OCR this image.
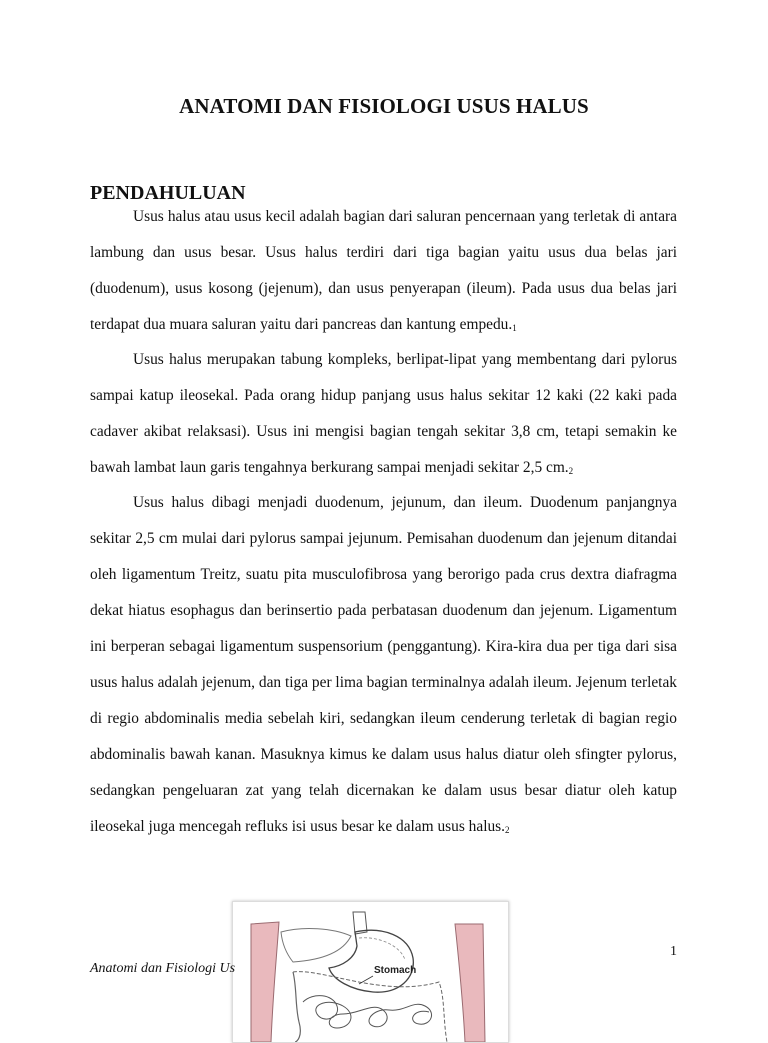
ANATOMI DAN FISIOLOGI USUS HALUS
PENDAHULUAN

Usus halus atau usus kecil adalah bagian dari saluran pencernaan yang terletak di antara lambung dan usus besar. Usus halus terdiri dari tiga bagian yaitu usus dua belas jari (duodenum), usus kosong (jejenum), dan usus penyerapan (ileum). Pada usus dua belas jari terdapat dua muara saluran yaitu dari pancreas dan kantung $empedu._1$

Usus halus merupakan tabung kompleks, berlipat-lipat yang membentang dari pylorus sampai katup ileosekal. Pada orang hidup panjang usus halus sekitar 12 kaki (22 kaki pada cadaver akibat relaksasi). Usus ini mengisi bagian tengah sekitar 3,8 cm, tetapi semakin ke bawah lambat laun garis tengahnya berkurang sampai menjadi sekitar 2,5 $cm._2$

Usus halus dibagi menjadi duodenum, jejunum, dan ileum. Duodenum panjangnya sekitar 2,5 cm mulai dari pylorus sampai jejunum. Pemisahan duodenum dan jejenum ditandai oleh ligamentum Treitz, suatu pita musculofibrosa yang berorigo pada crus dextra diafragma dekat hiatus esophagus dan berinsertio pada perbatasan duodenum dan jejenum. Ligamentum ini berperan sebagai ligamentum suspensorium (penggantung). Kira-kira dua per tiga dari sisa usus halus adalah jejenum, dan tiga per lima bagian terminalnya adalah ileum. Jejenum terletak di regio abdominalis media sebelah kiri, sedangkan ileum cenderung terletak di bagian regio abdominalis bawah kanan. Masuknya kimus ke dalam usus halus diatur oleh sfingter pylorus, sedangkan pengeluaran zat yang telah dicernakan ke dalam usus besar diatur oleh katup ileosekal juga mencegah refluks isi usus besar ke dalam usus $halus._2$

Stomach
Anatomi dan Fisiologi Us
1
